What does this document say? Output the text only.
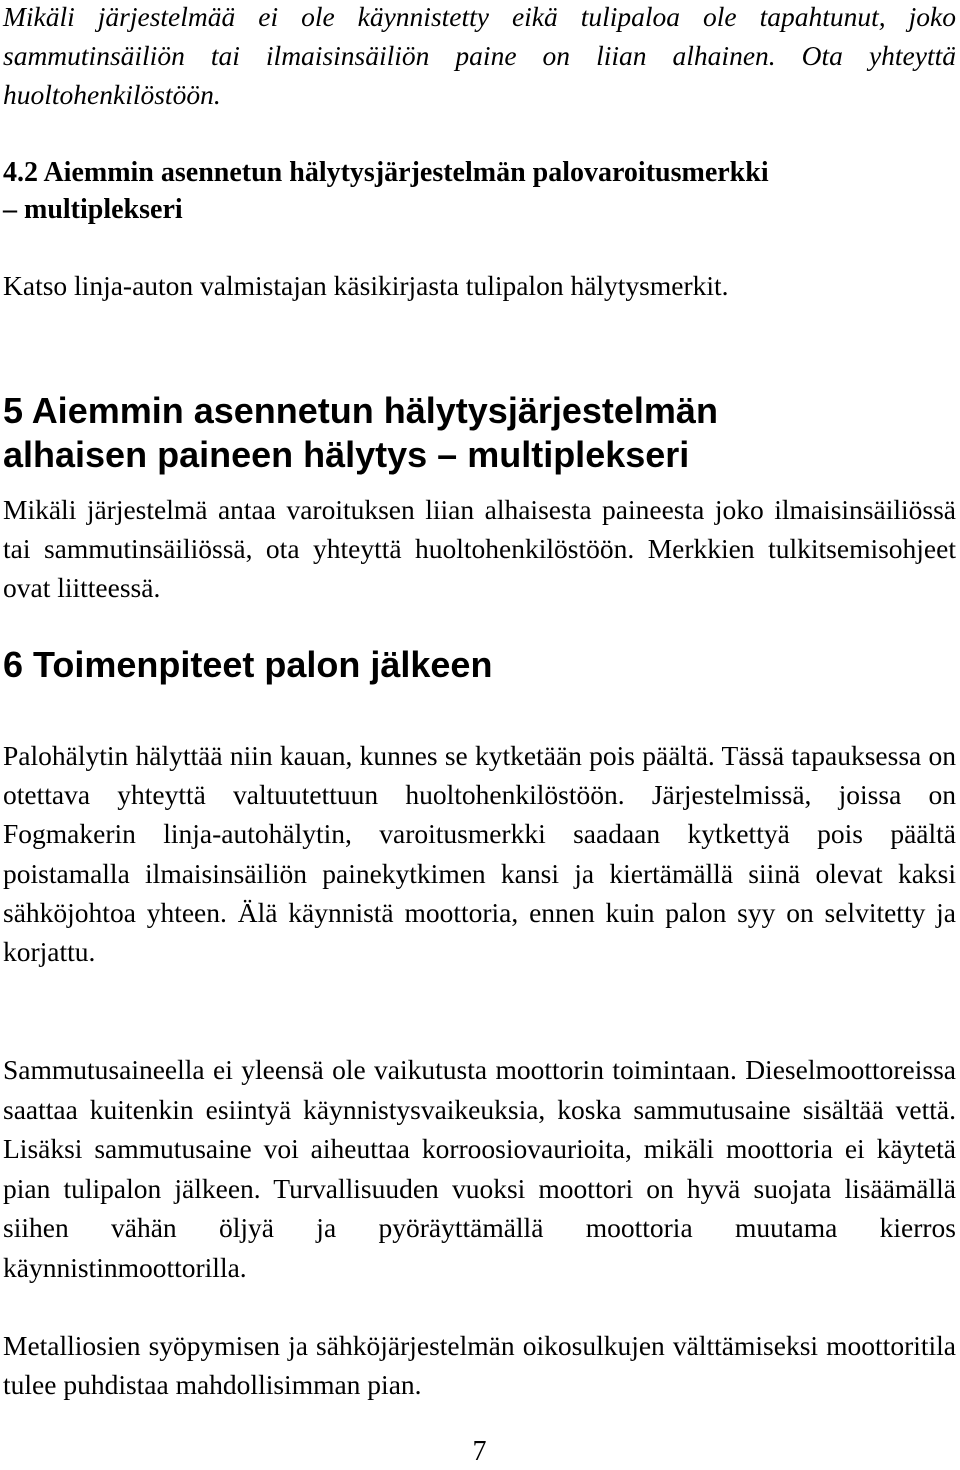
Mikäli järjestelmää ei ole käynnistetty eikä tulipaloa ole tapahtunut, joko sammutinsäiliön tai ilmaisinsäiliön paine on liian alhainen. Ota yhteyttä huoltohenkilöstöön.

4.2 Aiemmin asennetun hälytysjärjestelmän palovaroitusmerkki
– multiplekseri

Katso linja-auton valmistajan käsikirjasta tulipalon hälytysmerkit.

5 Aiemmin asennetun hälytysjärjestelmän
alhaisen paineen hälytys – multiplekseri

Mikäli järjestelmä antaa varoituksen liian alhaisesta paineesta joko ilmaisinsäiliössä tai sammutinsäiliössä, ota yhteyttä huoltohenkilöstöön. Merkkien tulkitsemisohjeet ovat liitteessä.

6 Toimenpiteet palon jälkeen

Palohälytin hälyttää niin kauan, kunnes se kytketään pois päältä. Tässä tapauksessa on otettava yhteyttä valtuutettuun huoltohenkilöstöön. Järjestelmissä, joissa on Fogmakerin linja-autohälytin, varoitusmerkki saadaan kytkettyä pois päältä poistamalla ilmaisinsäiliön painekytkimen kansi ja kiertämällä siinä olevat kaksi sähköjohtoa yhteen. Älä käynnistä moottoria, ennen kuin palon syy on selvitetty ja korjattu.

Sammutusaineella ei yleensä ole vaikutusta moottorin toimintaan. Dieselmoottoreissa saattaa kuitenkin esiintyä käynnistysvaikeuksia, koska sammutusaine sisältää vettä. Lisäksi sammutusaine voi aiheuttaa korroosiovaurioita, mikäli moottoria ei käytetä pian tulipalon jälkeen. Turvallisuuden vuoksi moottori on hyvä suojata lisäämällä siihen vähän öljyä ja pyöräyttämällä moottoria muutama kierros käynnistinmoottorilla.

Metalliosien syöpymisen ja sähköjärjestelmän oikosulkujen välttämiseksi moottoritila tulee puhdistaa mahdollisimman pian.

7
